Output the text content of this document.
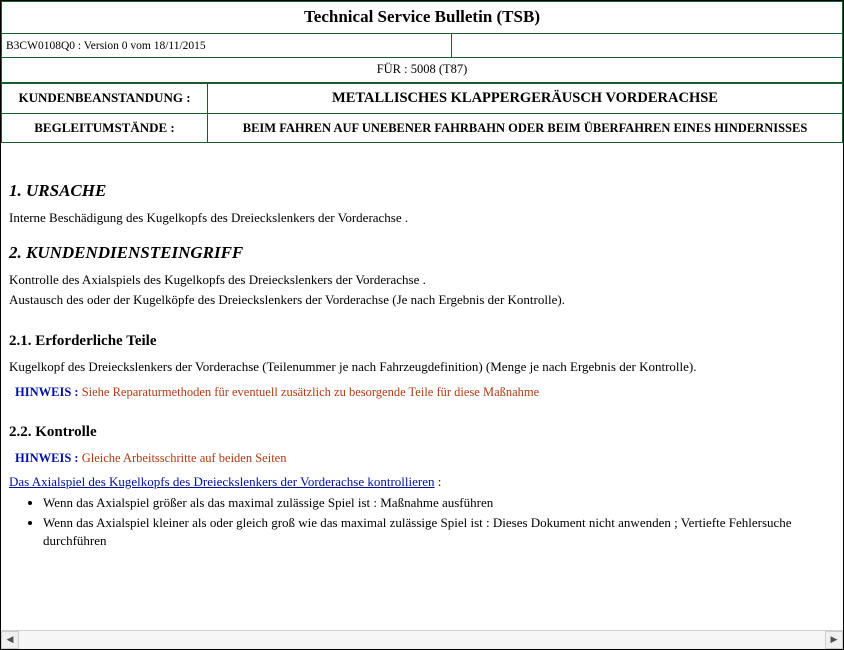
Technical Service Bulletin (TSB)
B3CW0108Q0 : Version 0 vom 18/11/2015	
FÜR : 5008 (T87)
KUNDENBEANSTANDUNG :	METALLISCHES KLAPPERGERÄUSCH VORDERACHSE
BEGLEITUMSTÄNDE :	BEIM FAHREN AUF UNEBENER FAHRBAHN ODER BEIM ÜBERFAHREN EINES HINDERNISSES
1. URSACHE

Interne Beschädigung des Kugelkopfs des Dreieckslenkers der Vorderachse .

2. KUNDENDIENSTEINGRIFF

Kontrolle des Axialspiels des Kugelkopfs des Dreieckslenkers der Vorderachse .

Austausch des oder der Kugelköpfe des Dreieckslenkers der Vorderachse (Je nach Ergebnis der Kontrolle).

2.1. Erforderliche Teile

Kugelkopf des Dreieckslenkers der Vorderachse (Teilenummer je nach Fahrzeugdefinition) (Menge je nach Ergebnis der Kontrolle).

HINWEIS : Siehe Reparaturmethoden für eventuell zusätzlich zu besorgende Teile für diese Maßnahme
2.2. Kontrolle
HINWEIS : Gleiche Arbeitsschritte auf beiden Seiten
Das Axialspiel des Kugelkopfs des Dreieckslenkers der Vorderachse kontrollieren :
• Wenn das Axialspiel größer als das maximal zulässige Spiel ist : Maßnahme ausführen
• Wenn das Axialspiel kleiner als oder gleich groß wie das maximal zulässige Spiel ist : Dieses Dokument nicht anwenden ; Vertiefte Fehlersuche durchführen
◀	▶
